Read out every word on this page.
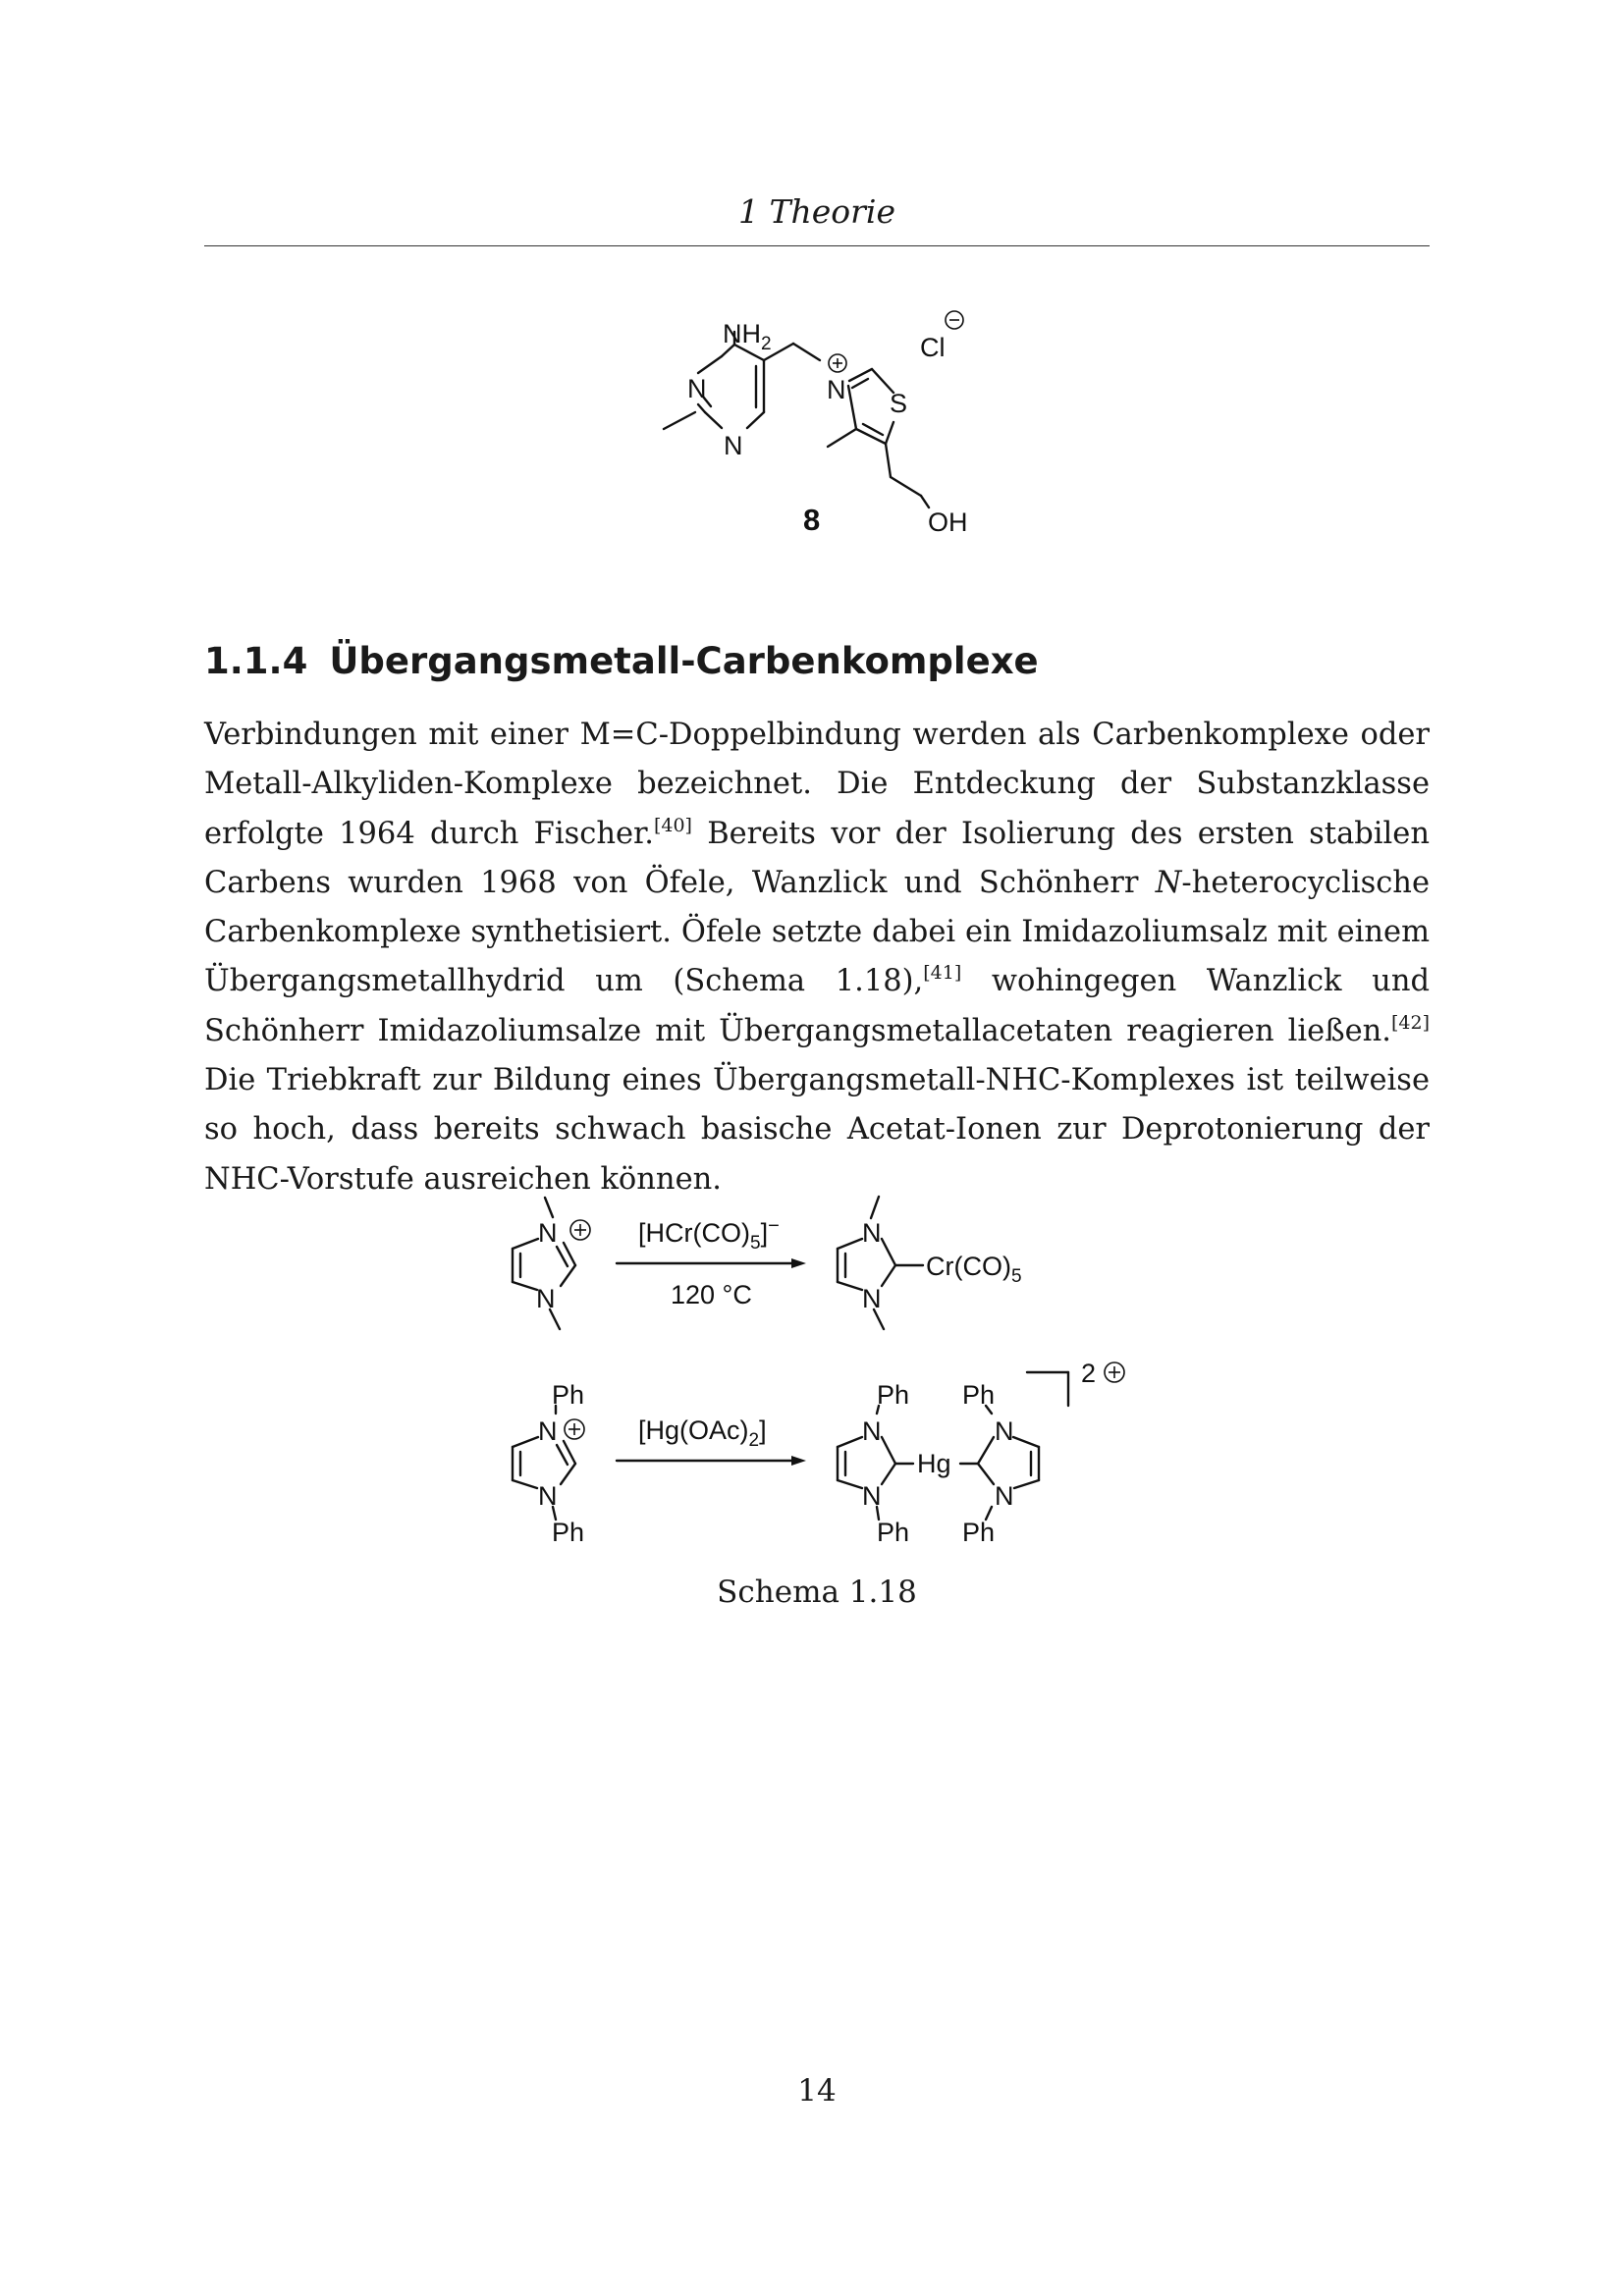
1 Theorie
$NH_2$
N
N
N S
Cl
OH
8
1.1.4 Übergangsmetall-Carbenkomplexe

Verbindungen mit einer M=C-Doppelbindung werden als Carbenkomplexe oder Metall-Alkyliden-Komplexe bezeichnet. Die Entdeckung der Substanzklasse erfolgte 1964 durch Fischer.[40] Bereits vor der Isolierung des ersten stabilen Carbens wurden 1968 von Öfele, Wanzlick und Schönherr N-heterocyclische Carbenkomplexe synthetisiert. Öfele setzte dabei ein Imidazoliumsalz mit einem Übergangsmetallhydrid um (Schema 1.18),[41] wohingegen Wanzlick und Schönherr Imidazoliumsalze mit Übergangsmetallacetaten reagieren ließen.[42] Die Triebkraft zur Bildung eines Übergangsmetall-NHC-Komplexes ist teilweise so hoch, dass bereits schwach basische Acetat-Ionen zur Deprotonierung der NHC-Vorstufe ausreichen können.

N
N
$[HCr(CO)_5]^-$
120 °C
N
N
$Cr(CO)_5$
Ph
N
N
Ph
$[Hg(OAc)_2]$
Ph
N
N
Ph
Hg
Ph
N
N
Ph
2
Schema 1.18
14
